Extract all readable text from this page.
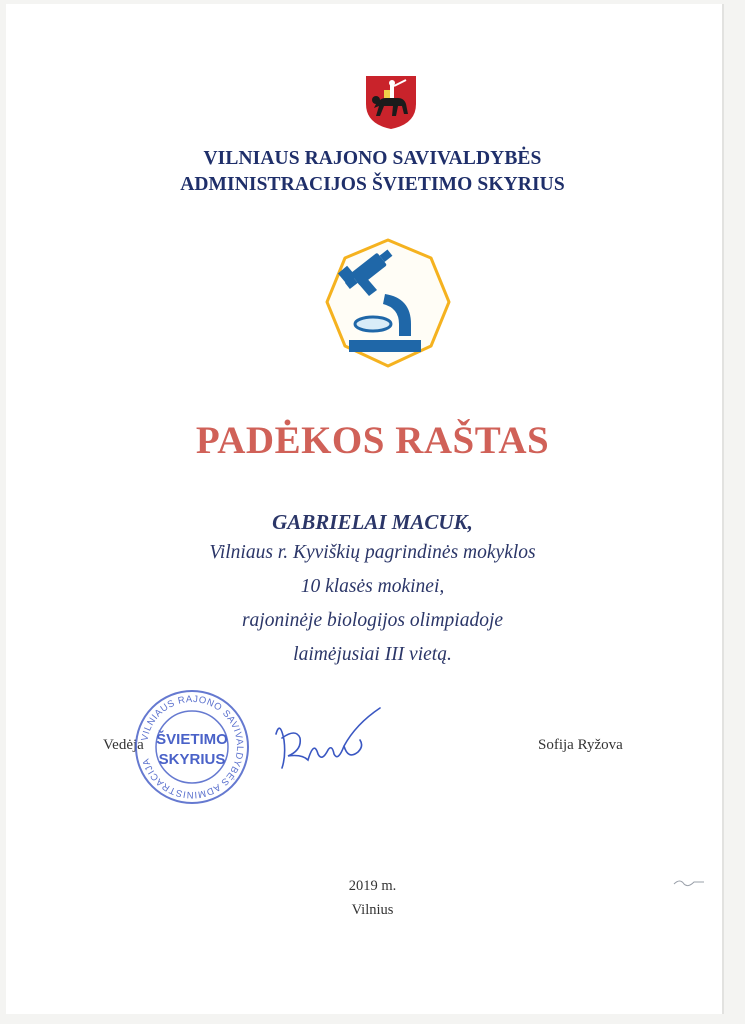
VILNIAUS RAJONO SAVIVALDYBĖS
ADMINISTRACIJOS ŠVIETIMO SKYRIUS
PADĖKOS RAŠTAS
GABRIELAI MACUK,
Vilniaus r. Kyviškių pagrindinės mokyklos
10 klasės mokinei,
rajoninėje biologijos olimpiadoje
laimėjusiai III vietą.
Vedėja
VILNIAUS RAJONO SAVIVALDYBĖS ADMINISTRACIJA
ŠVIETIMO
SKYRIUS
Sofija Ryžova
2019 m.
Vilnius
